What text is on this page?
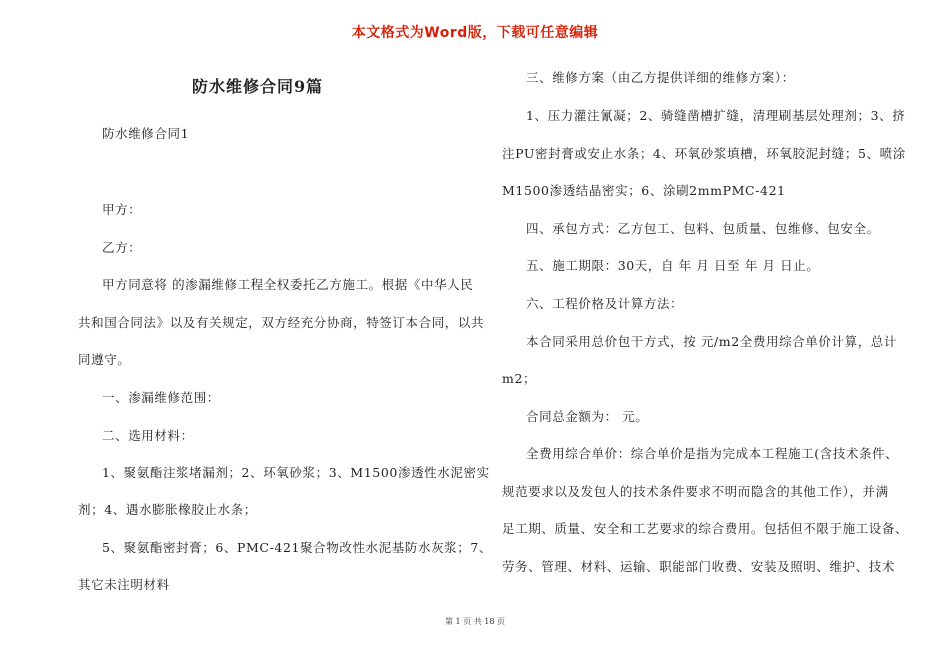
本文格式为Word版，下载可任意编辑
防水维修合同9篇
防水维修合同1
甲方：
乙方：
甲方同意将 的渗漏维修工程全权委托乙方施工。根据《中华人民
共和国合同法》以及有关规定，双方经充分协商，特签订本合同，以共
同遵守。
一、渗漏维修范围：
二、选用材料：
1、聚氨酯注浆堵漏剂；2、环氧砂浆；3、M1500渗透性水泥密实
剂；4、遇水膨胀橡胶止水条；
5、聚氨酯密封膏；6、PMC-421聚合物改性水泥基防水灰浆；7、
其它未注明材料
三、维修方案（由乙方提供详细的维修方案）：
1、压力灌注氰凝；2、骑缝凿槽扩缝，清理刷基层处理剂；3、挤
注PU密封膏或安止水条；4、环氧砂浆填槽，环氧胶泥封缝；5、喷涂
M1500渗透结晶密实；6、涂刷2mmPMC-421
四、承包方式：乙方包工、包料、包质量、包维修、包安全。
五、施工期限：30天，自 年 月 日至 年 月 日止。
六、工程价格及计算方法：
本合同采用总价包干方式，按 元/m2全费用综合单价计算，总计
m2；
合同总金额为： 元。
全费用综合单价：综合单价是指为完成本工程施工(含技术条件、
规范要求以及发包人的技术条件要求不明而隐含的其他工作），并满
足工期、质量、安全和工艺要求的综合费用。包括但不限于施工设备、
劳务、管理、材料、运输、职能部门收费、安装及照明、维护、技术
第 1 页 共 18 页
